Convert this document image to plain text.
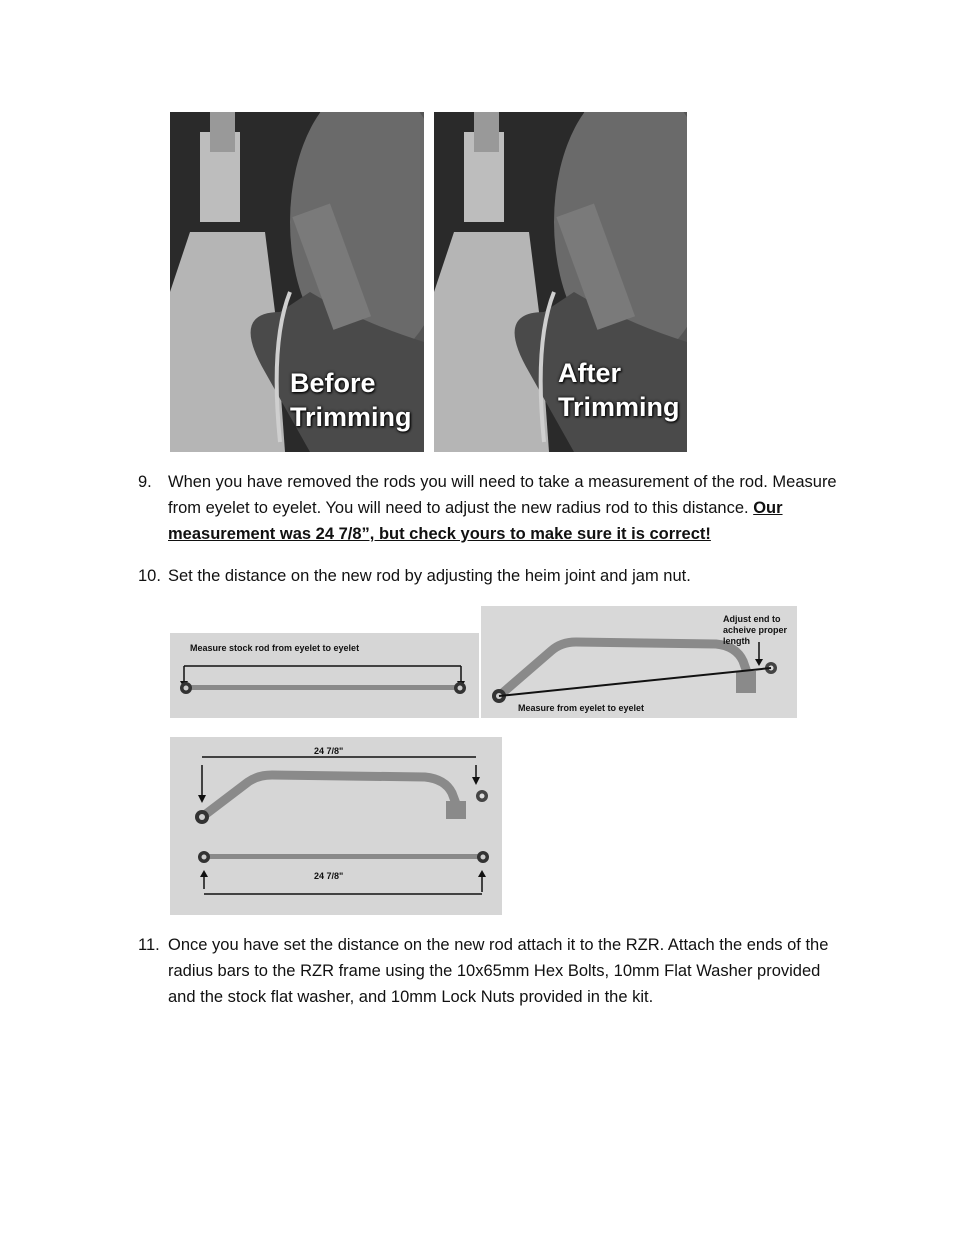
Before
Trimming
After
Trimming
9. When you have removed the rods you will need to take a measurement of the rod. Measure from eyelet to eyelet. You will need to adjust the new radius rod to this distance. Our measurement was 24 7/8”, but check yours to make sure it is correct!
10. Set the distance on the new rod by adjusting the heim joint and jam nut.
Measure stock rod from eyelet to eyelet
Adjust end to acheive proper length
Measure from eyelet to eyelet
24 7/8"
24 7/8"
11. Once you have set the distance on the new rod attach it to the RZR. Attach the ends of the radius bars to the RZR frame using the 10x65mm Hex Bolts, 10mm Flat Washer provided and the stock flat washer, and 10mm Lock Nuts provided in the kit.
